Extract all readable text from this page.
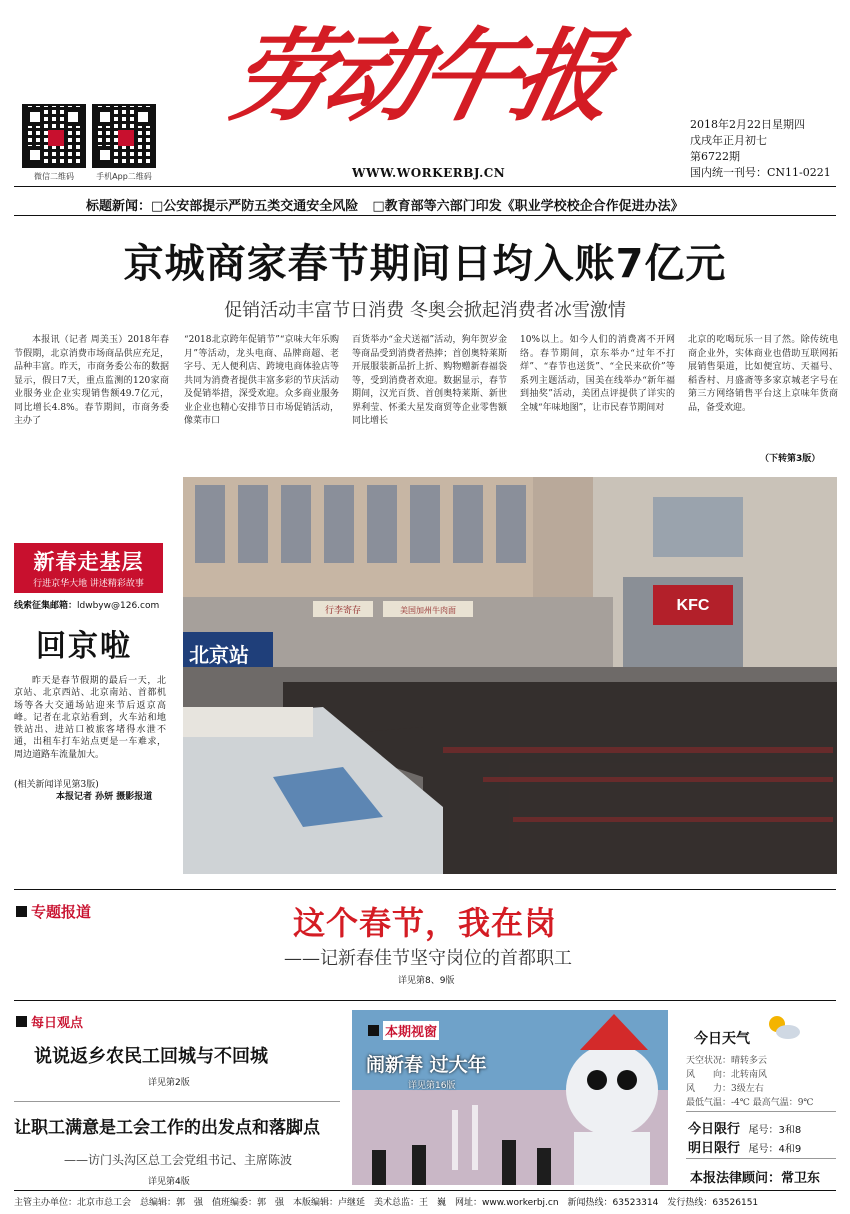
微信二维码	手机App二维码
劳动午报
WWW.WORKERBJ.CN
2018年2月22日星期四
戊戌年正月初七
第6722期
国内统一刊号：CN11-0221
标题新闻：□公安部提示严防五类交通安全风险 □教育部等六部门印发《职业学校校企合作促进办法》
京城商家春节期间日均入账7亿元
促销活动丰富节日消费 冬奥会掀起消费者冰雪激情

本报讯（记者 周美玉）2018年春节假期，北京消费市场商品供应充足，品种丰富。昨天，市商务委公布的数据显示，假日7天，重点监测的120家商业服务业企业实现销售额49.7亿元，同比增长4.8%。春节期间，市商务委主办了

“2018北京跨年促销节”“京味大年乐购月”等活动，龙头电商、品牌商超、老字号、无人便利店、跨境电商体验店等共同为消费者提供丰富多彩的节庆活动及促销举措，深受欢迎。众多商业服务业企业也精心安排节日市场促销活动，像菜市口

百货举办“金犬送福”活动，狗年贺岁金等商品受到消费者热捧；首创奥特莱斯开展服装新品折上折、购物赠新春福袋等，受到消费者欢迎。数据显示，春节期间，汉光百货、首创奥特莱斯、新世界利莹、怀柔大星发商贸等企业零售额同比增长

10%以上。如今人们的消费离不开网络。春节期间，京东举办“过年不打烊”、“春节也送货”、“全民来砍价”等系列主题活动，国美在线举办“新年福到抽奖”活动，美团点评提供了详实的全城“年味地图”，让市民春节期间对

北京的吃喝玩乐一目了然。除传统电商企业外，实体商业也借助互联网拓展销售渠道，比如便宜坊、天福号、稻香村、月盛斋等多家京城老字号在第三方网络销售平台这上京味年货商品，备受欢迎。

（下转第3版）
KFC
行李寄存	美国加州牛肉面
北京站
新春走基层
行进京华大地 讲述精彩故事
线索征集邮箱：ldwbyw@126.com
回京啦

昨天是春节假期的最后一天，北京站、北京西站、北京南站、首都机场等各大交通场站迎来节后返京高峰。记者在北京站看到，火车站和地铁站出、进站口被旅客堵得水泄不通，出租车打车站点更是一车难求，周边道路车流量加大。

(相关新闻详见第3版)
本报记者 孙妍 摄影报道
专题报道	这个春节，我在岗
——记新春佳节坚守岗位的首都职工
详见第8、9版
每日观点
说说返乡农民工回城与不回城
详见第2版
让职工满意是工会工作的出发点和落脚点
——访门头沟区总工会党组书记、主席陈波
详见第4版
本期视窗
闹新春 过大年
详见第16版
今日天气
天空状况：晴转多云
风　　向：北转南风
风　　力：3级左右
最低气温：-4℃ 最高气温：9℃
今日限行 尾号：3和8
明日限行 尾号：4和9
本报法律顾问：常卫东
主管主办单位：北京市总工会　总编辑：郭　强　值班编委：郭　强　本版编辑：卢继延　美术总监：王　巍　网址：www.workerbj.cn　新闻热线：63523314　发行热线：63526151
